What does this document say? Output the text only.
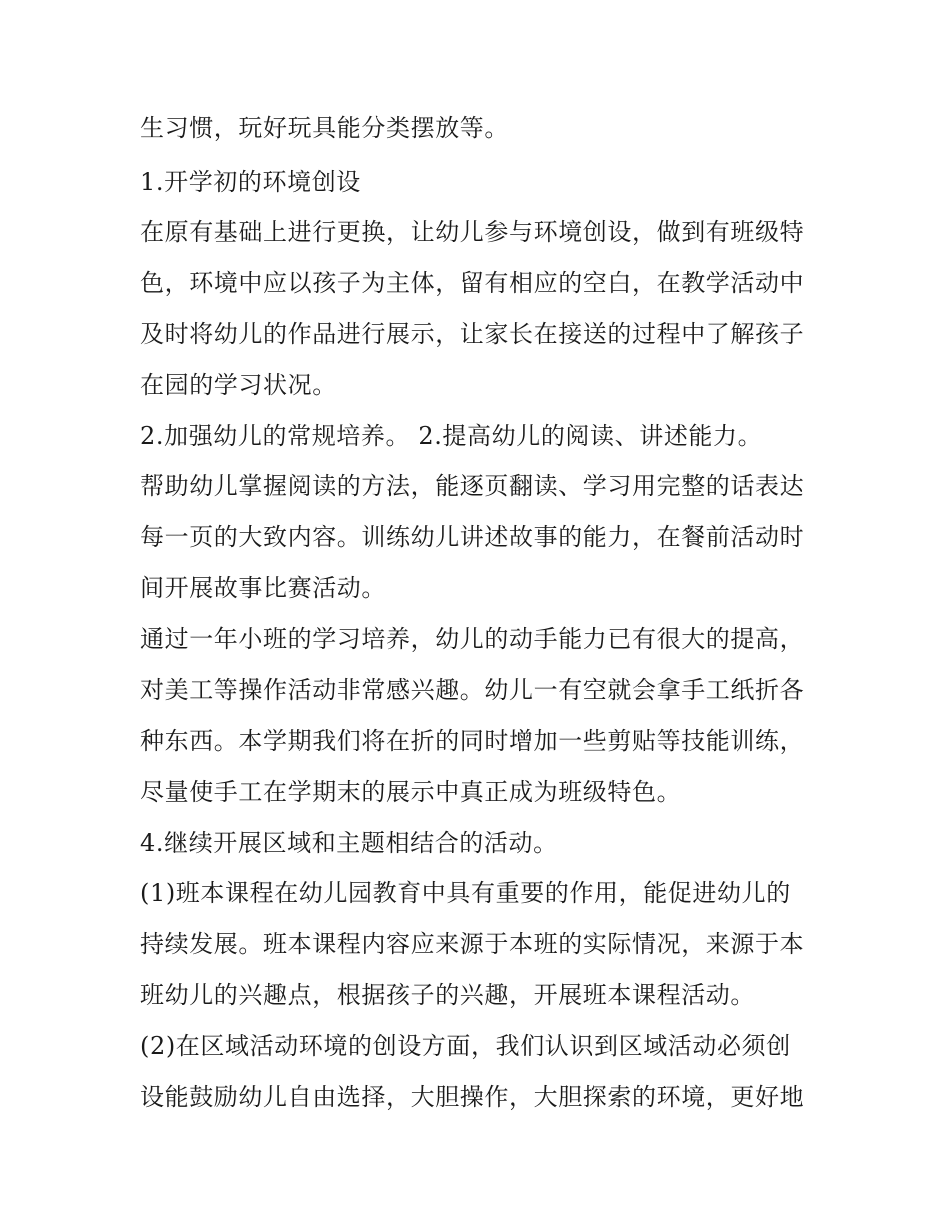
生习惯，玩好玩具能分类摆放等。
1.开学初的环境创设
在原有基础上进行更换，让幼儿参与环境创设，做到有班级特
色，环境中应以孩子为主体，留有相应的空白，在教学活动中
及时将幼儿的作品进行展示，让家长在接送的过程中了解孩子
在园的学习状况。
2.加强幼儿的常规培养。 2.提高幼儿的阅读、讲述能力。
帮助幼儿掌握阅读的方法，能逐页翻读、学习用完整的话表达
每一页的大致内容。训练幼儿讲述故事的能力，在餐前活动时
间开展故事比赛活动。
通过一年小班的学习培养，幼儿的动手能力已有很大的提高，
对美工等操作活动非常感兴趣。幼儿一有空就会拿手工纸折各
种东西。本学期我们将在折的同时增加一些剪贴等技能训练，
尽量使手工在学期末的展示中真正成为班级特色。
4.继续开展区域和主题相结合的活动。
(1)班本课程在幼儿园教育中具有重要的作用，能促进幼儿的
持续发展。班本课程内容应来源于本班的实际情况，来源于本
班幼儿的兴趣点，根据孩子的兴趣，开展班本课程活动。
(2)在区域活动环境的创设方面，我们认识到区域活动必须创
设能鼓励幼儿自由选择，大胆操作，大胆探索的环境，更好地
